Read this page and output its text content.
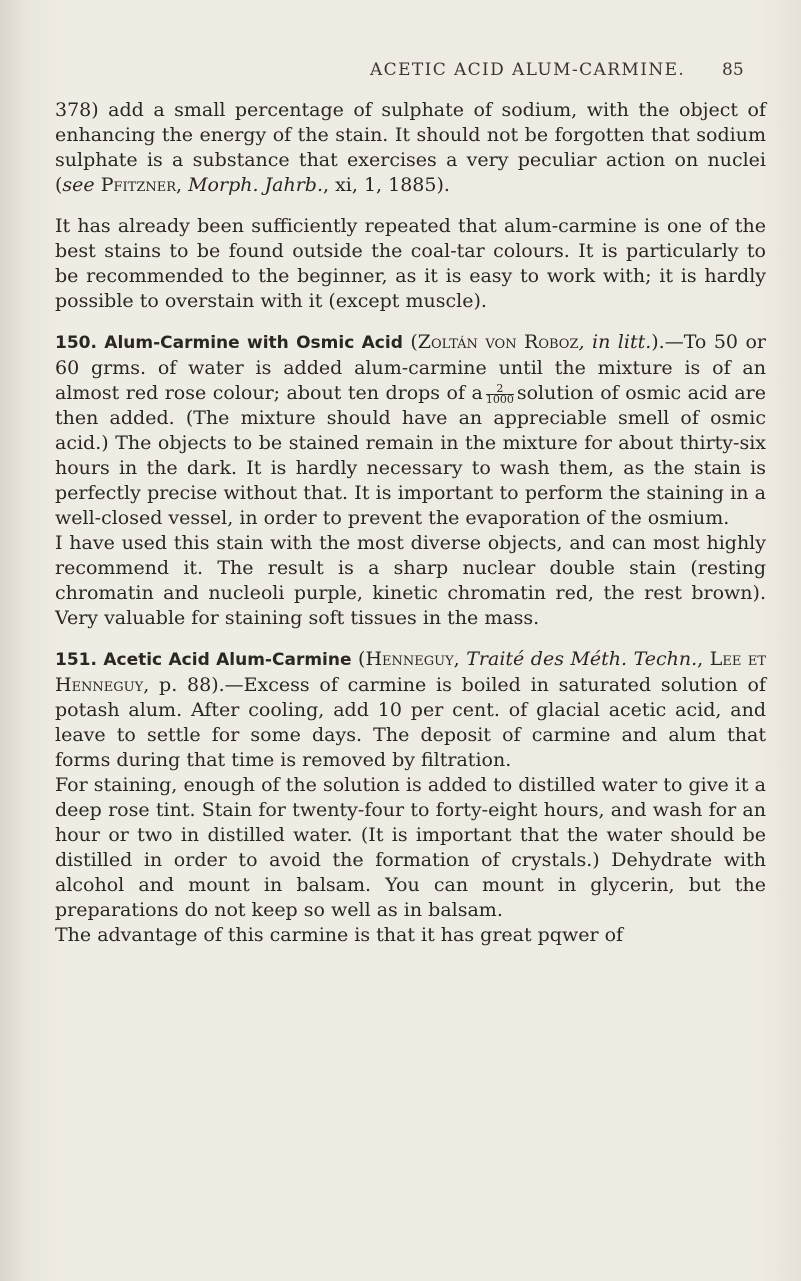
ACETIC ACID ALUM-CARMINE. 85

378) add a small percentage of sulphate of sodium, with the object of enhancing the energy of the stain. It should not be forgotten that sodium sulphate is a substance that exercises a very peculiar action on nuclei (see Pfitzner, Morph. Jahrb., xi, 1, 1885).

It has already been sufficiently repeated that alum-carmine is one of the best stains to be found outside the coal-tar colours. It is particularly to be recommended to the beginner, as it is easy to work with; it is hardly possible to overstain with it (except muscle).

150. Alum-Carmine with Osmic Acid (Zoltán von Roboz, in litt.).—To 50 or 60 grms. of water is added alum-carmine until the mixture is of an almost red rose colour; about ten drops of a $\frac{2}{1000}$ solution of osmic acid are then added. (The mixture should have an appreciable smell of osmic acid.) The objects to be stained remain in the mixture for about thirty-six hours in the dark. It is hardly necessary to wash them, as the stain is perfectly precise without that. It is important to perform the staining in a well-closed vessel, in order to prevent the evaporation of the osmium.

I have used this stain with the most diverse objects, and can most highly recommend it. The result is a sharp nuclear double stain (resting chromatin and nucleoli purple, kinetic chromatin red, the rest brown). Very valuable for staining soft tissues in the mass.

151. Acetic Acid Alum-Carmine (Henneguy, Traité des Méth. Techn., Lee et Henneguy, p. 88).—Excess of carmine is boiled in saturated solution of potash alum. After cooling, add 10 per cent. of glacial acetic acid, and leave to settle for some days. The deposit of carmine and alum that forms during that time is removed by filtration.

For staining, enough of the solution is added to distilled water to give it a deep rose tint. Stain for twenty-four to forty-eight hours, and wash for an hour or two in distilled water. (It is important that the water should be distilled in order to avoid the formation of crystals.) Dehydrate with alcohol and mount in balsam. You can mount in glycerin, but the preparations do not keep so well as in balsam.

The advantage of this carmine is that it has great pqwer of
